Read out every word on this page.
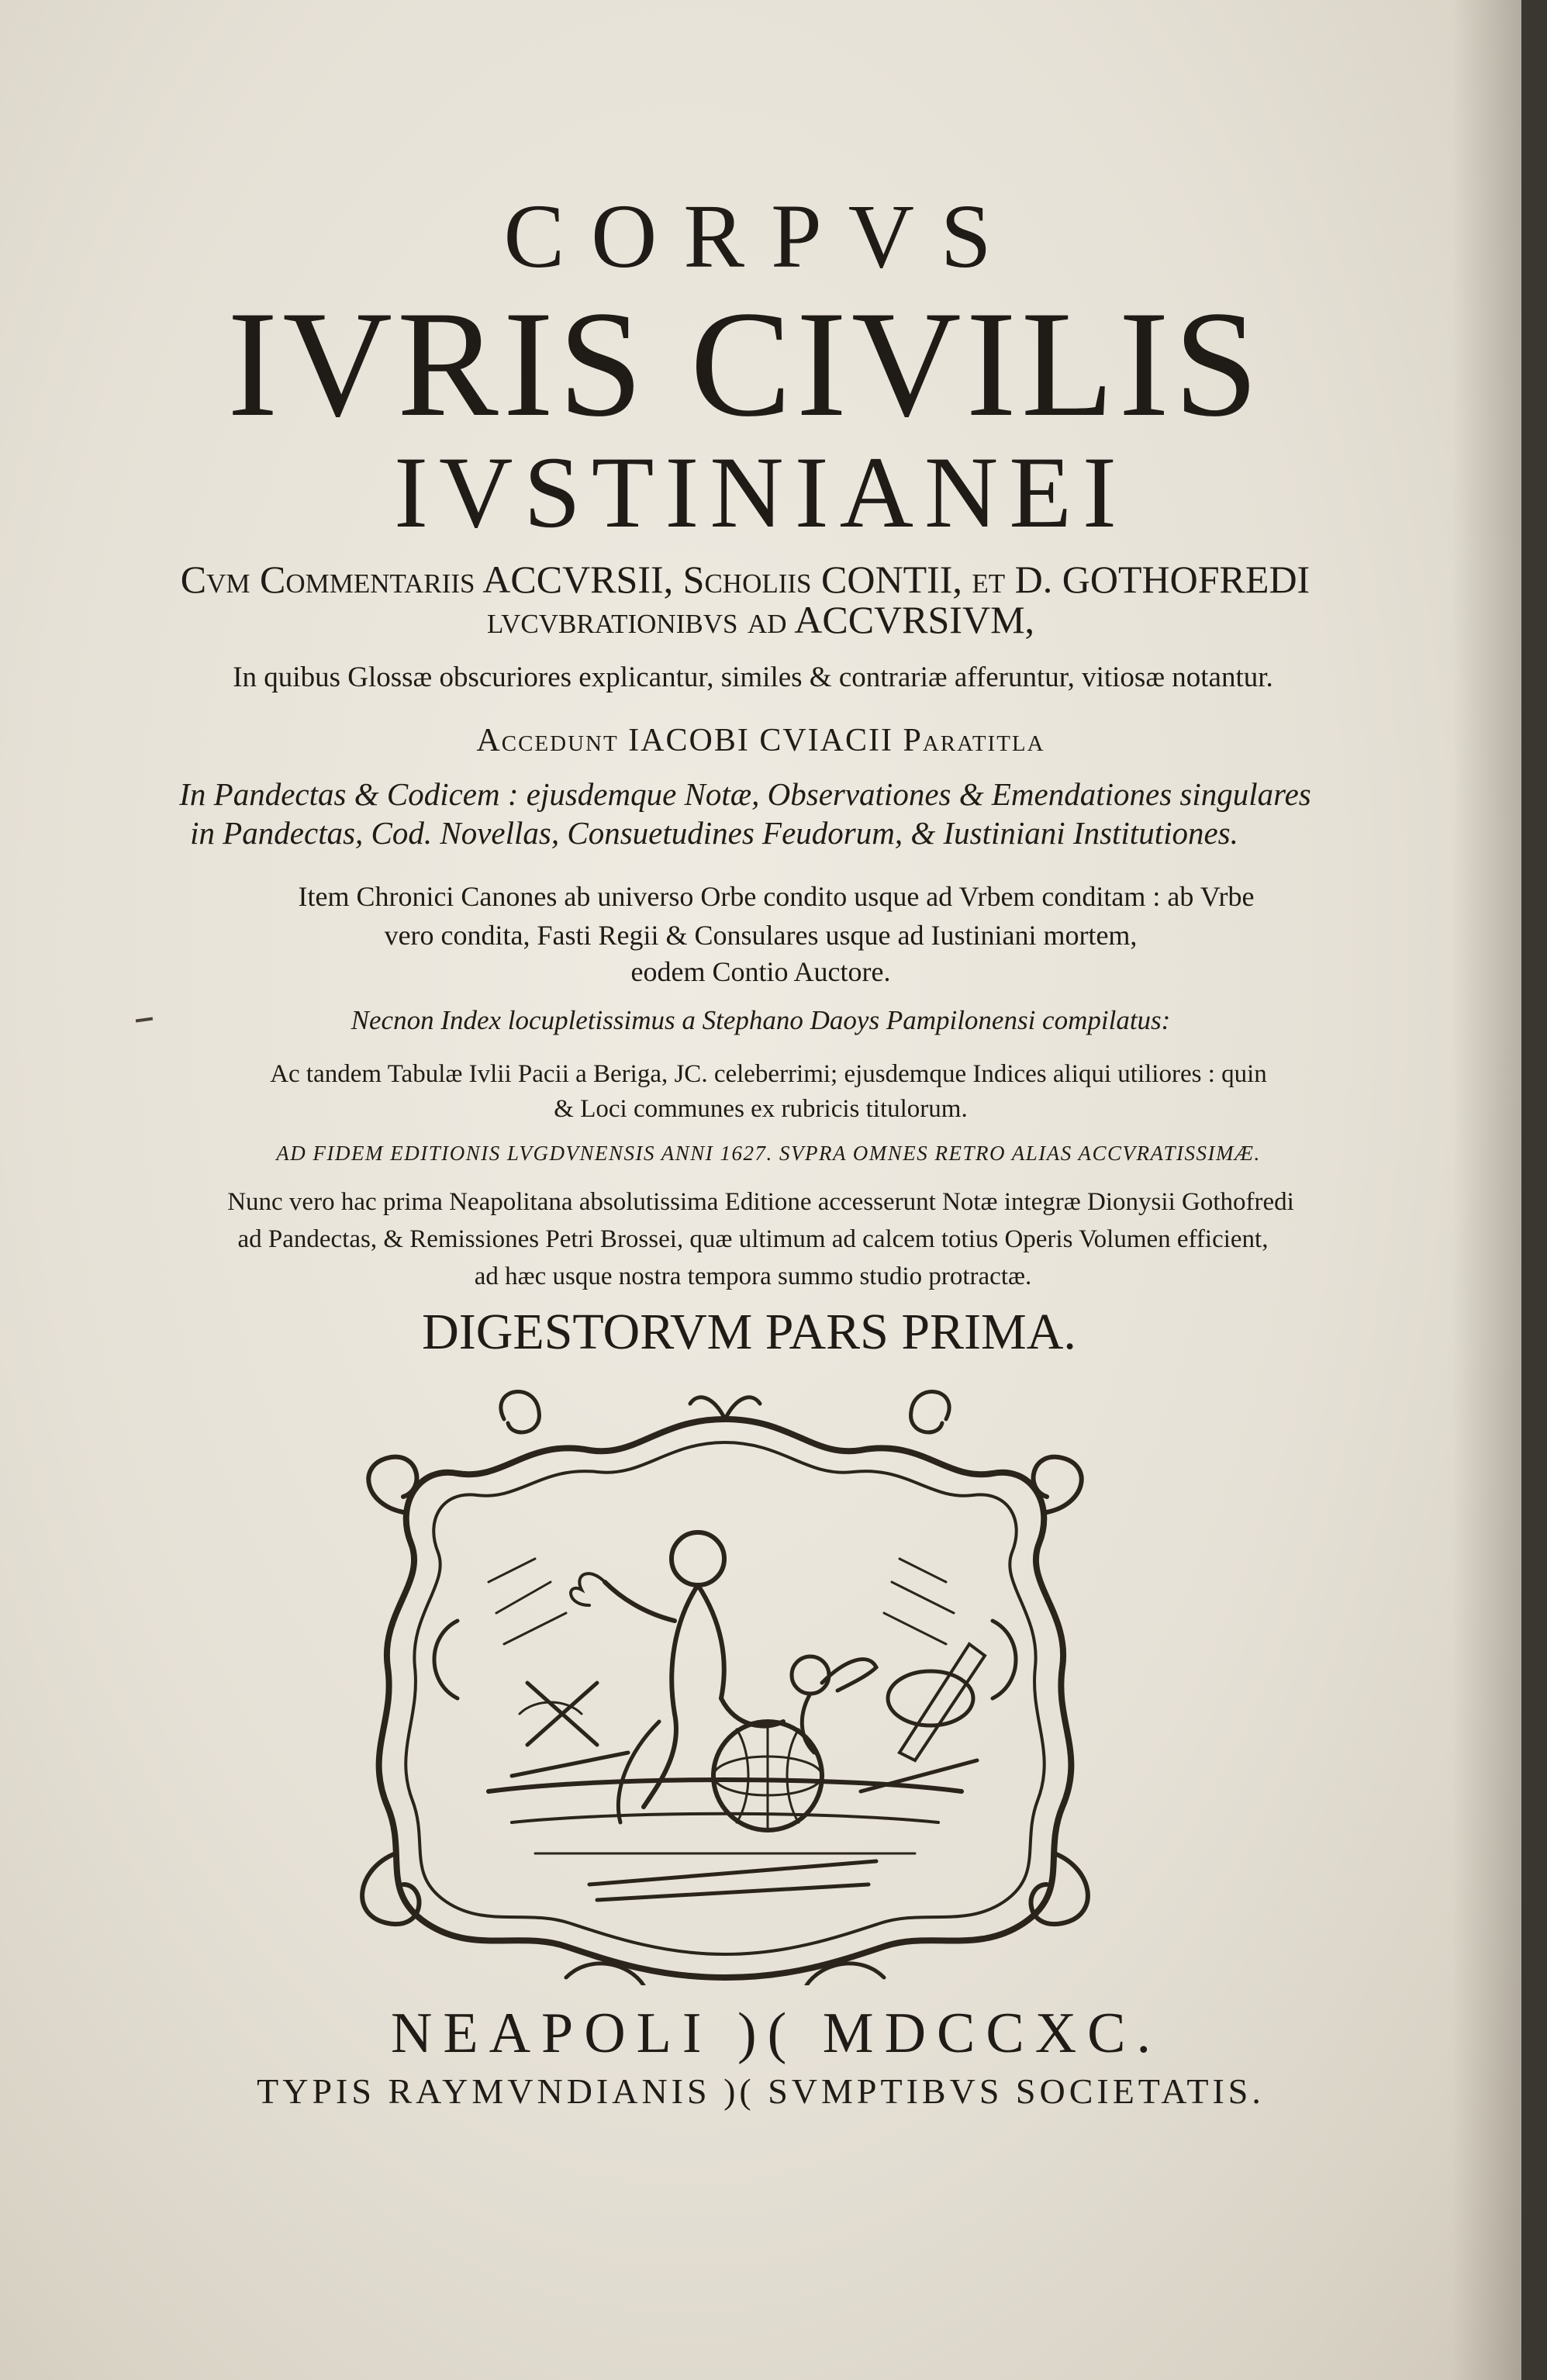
CORPVS
IVRIS CIVILIS
IVSTINIANEI
Cvm Commentariis ACCVRSII, Scholiis CONTII, et D. GOTHOFREDI
lvcvbrationibvs ad ACCVRSIVM,
In quibus Glossæ obscuriores explicantur, similes & contrariæ afferuntur, vitiosæ notantur.
Accedunt IACOBI CVIACII Paratitla
In Pandectas & Codicem : ejusdemque Notæ, Observationes & Emendationes singulares
in Pandectas, Cod. Novellas, Consuetudines Feudorum, & Iustiniani Institutiones.
Item Chronici Canones ab universo Orbe condito usque ad Vrbem conditam : ab Vrbe
vero condita, Fasti Regii & Consulares usque ad Iustiniani mortem,
eodem Contio Auctore.
Necnon Index locupletissimus a Stephano Daoys Pampilonensi compilatus:
Ac tandem Tabulæ Ivlii Pacii a Beriga, JC. celeberrimi; ejusdemque Indices aliqui utiliores : quin
& Loci communes ex rubricis titulorum.
AD FIDEM EDITIONIS LVGDVNENSIS ANNI 1627. SVPRA OMNES RETRO ALIAS ACCVRATISSIMÆ.
Nunc vero hac prima Neapolitana absolutissima Editione accesserunt Notæ integræ Dionysii Gothofredi
ad Pandectas, & Remissiones Petri Brossei, quæ ultimum ad calcem totius Operis Volumen efficient,
ad hæc usque nostra tempora summo studio protractæ.
DIGESTORVM PARS PRIMA.
NEAPOLI )( MDCCXC.
TYPIS RAYMVNDIANIS )( SVMPTIBVS SOCIETATIS.
